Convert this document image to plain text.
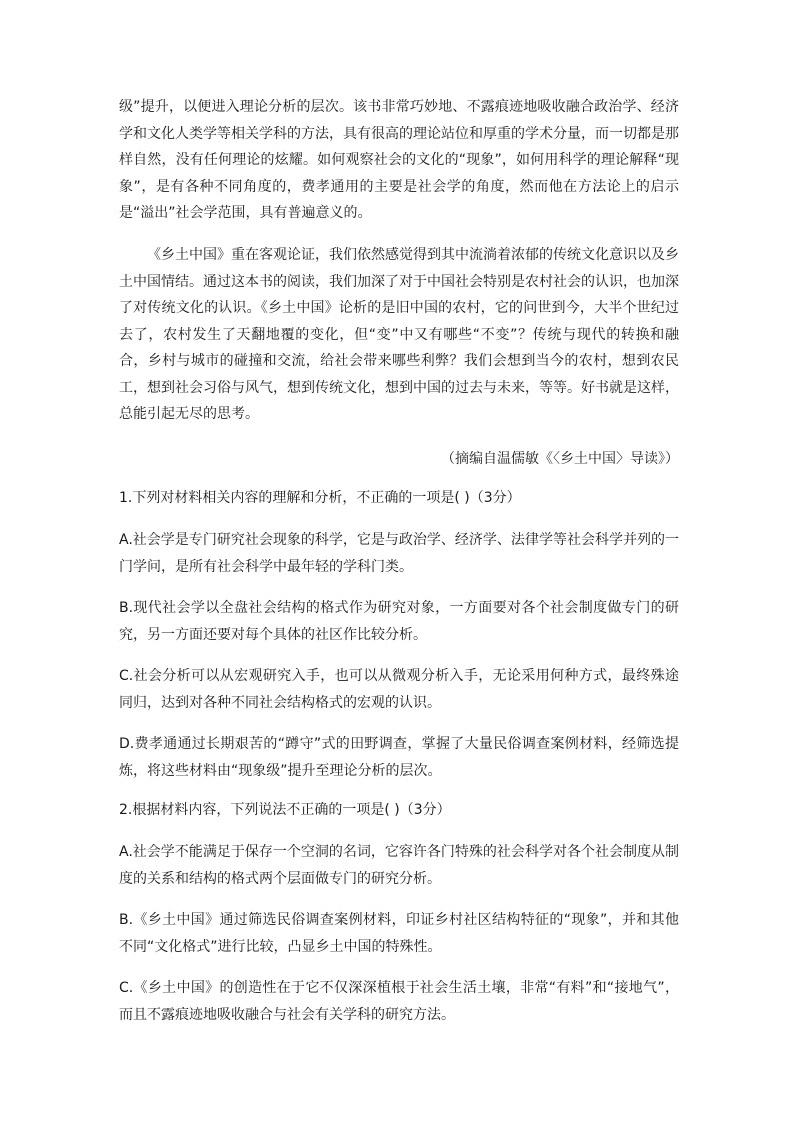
级”提升，以便进入理论分析的层次。该书非常巧妙地、不露痕迹地吸收融合政治学、经济学和文化人类学等相关学科的方法，具有很高的理论站位和厚重的学术分量，而一切都是那样自然，没有任何理论的炫耀。如何观察社会的文化的“现象”，如何用科学的理论解释“现象”，是有各种不同角度的，费孝通用的主要是社会学的角度，然而他在方法论上的启示是“溢出”社会学范围，具有普遍意义的。
《乡土中国》重在客观论证，我们依然感觉得到其中流淌着浓郁的传统文化意识以及乡土中国情结。通过这本书的阅读，我们加深了对于中国社会特别是农村社会的认识，也加深了对传统文化的认识。《乡土中国》论析的是旧中国的农村，它的问世到今，大半个世纪过去了，农村发生了天翻地覆的变化，但“变”中又有哪些“不变”？传统与现代的转换和融合，乡村与城市的碰撞和交流，给社会带来哪些利弊？我们会想到当今的农村，想到农民工，想到社会习俗与风气，想到传统文化，想到中国的过去与未来，等等。好书就是这样，总能引起无尽的思考。
（摘编自温儒敏《〈乡土中国〉导读》）
1.下列对材料相关内容的理解和分析，不正确的一项是( )（3分）
A.社会学是专门研究社会现象的科学，它是与政治学、经济学、法律学等社会科学并列的一门学问，是所有社会科学中最年轻的学科门类。
B.现代社会学以全盘社会结构的格式作为研究对象，一方面要对各个社会制度做专门的研究，另一方面还要对每个具体的社区作比较分析。
C.社会分析可以从宏观研究入手，也可以从微观分析入手，无论采用何种方式，最终殊途同归，达到对各种不同社会结构格式的宏观的认识。
D.费孝通通过长期艰苦的“蹲守”式的田野调查，掌握了大量民俗调查案例材料，经筛选提炼，将这些材料由“现象级”提升至理论分析的层次。
2.根据材料内容，下列说法不正确的一项是( )（3分）
A.社会学不能满足于保存一个空洞的名词，它容许各门特殊的社会科学对各个社会制度从制度的关系和结构的格式两个层面做专门的研究分析。
B.《乡土中国》通过筛选民俗调查案例材料，印证乡村社区结构特征的“现象”，并和其他不同“文化格式”进行比较，凸显乡土中国的特殊性。
C.《乡土中国》的创造性在于它不仅深深植根于社会生活土壤，非常“有料”和“接地气”，而且不露痕迹地吸收融合与社会有关学科的研究方法。
